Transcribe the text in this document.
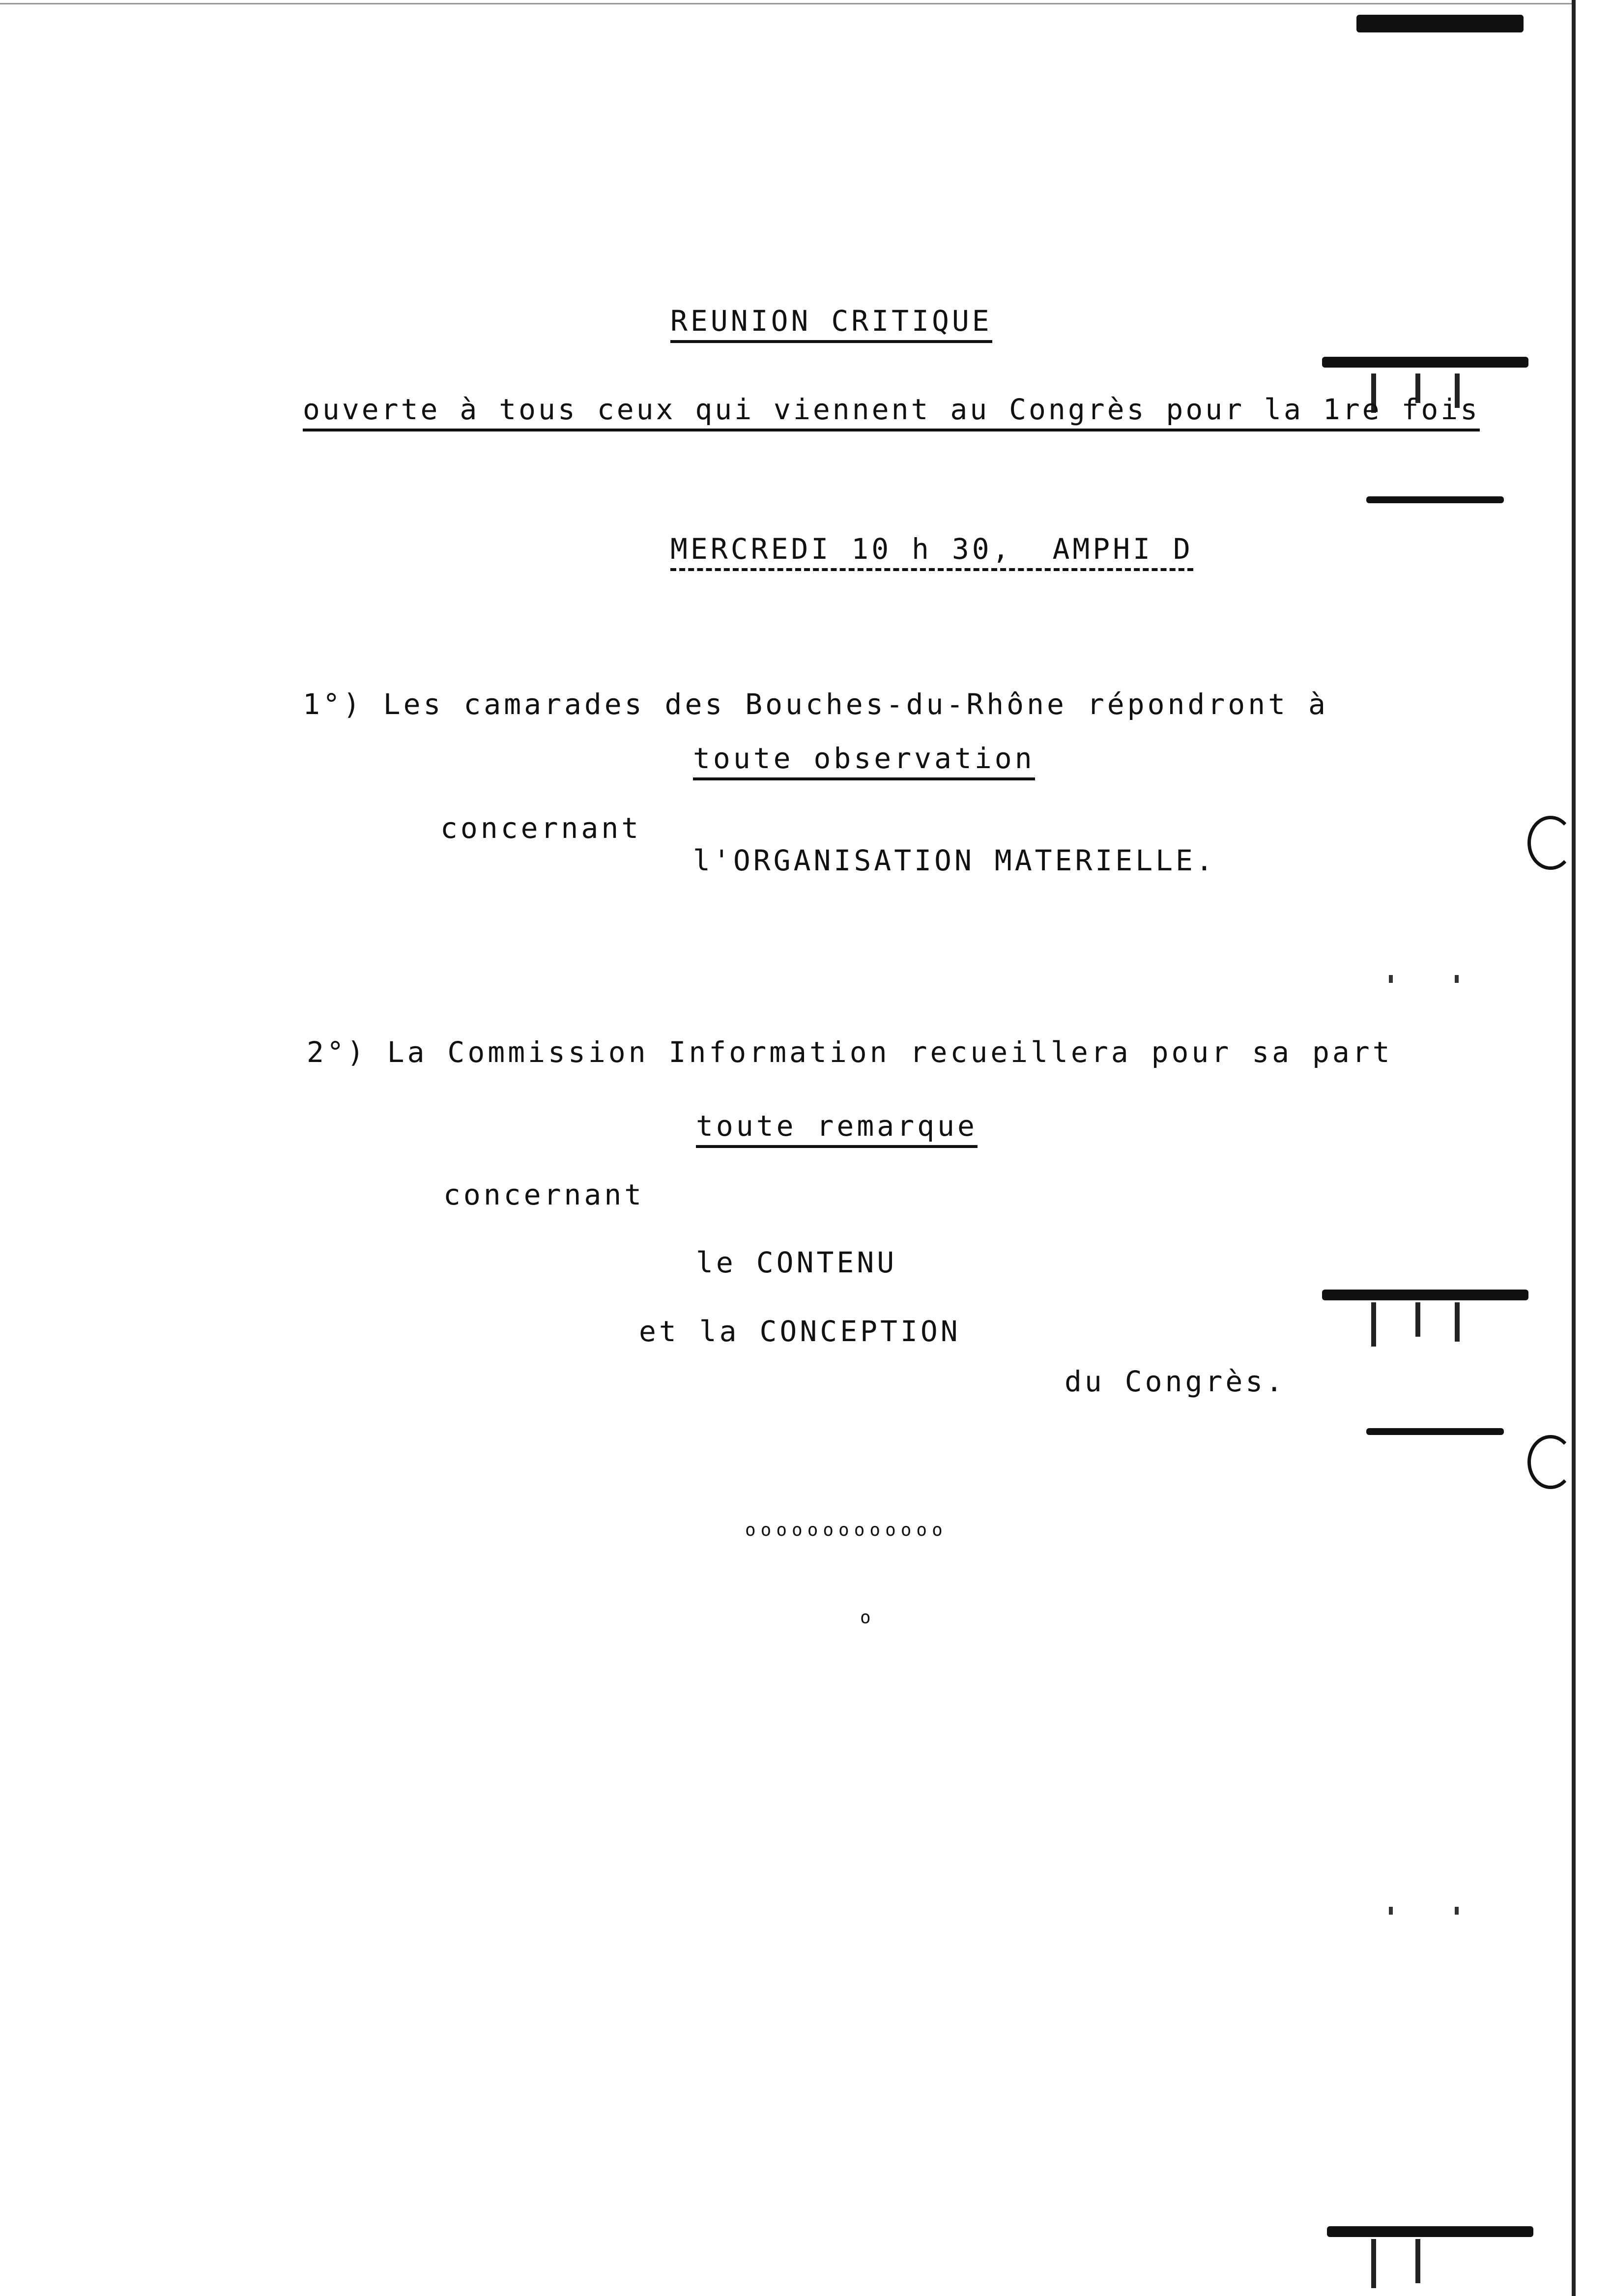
REUNION CRITIQUE
ouverte à tous ceux qui viennent au Congrès pour la 1re fois
MERCREDI 10 h 30,  AMPHI D
1°) Les camarades des Bouches-du-Rhône répondront à
toute observation
concernant
l'ORGANISATION MATERIELLE.
2°) La Commission Information recueillera pour sa part
toute remarque
concernant
le CONTENU
et la CONCEPTION
du Congrès.
ooooooooooooo
o
